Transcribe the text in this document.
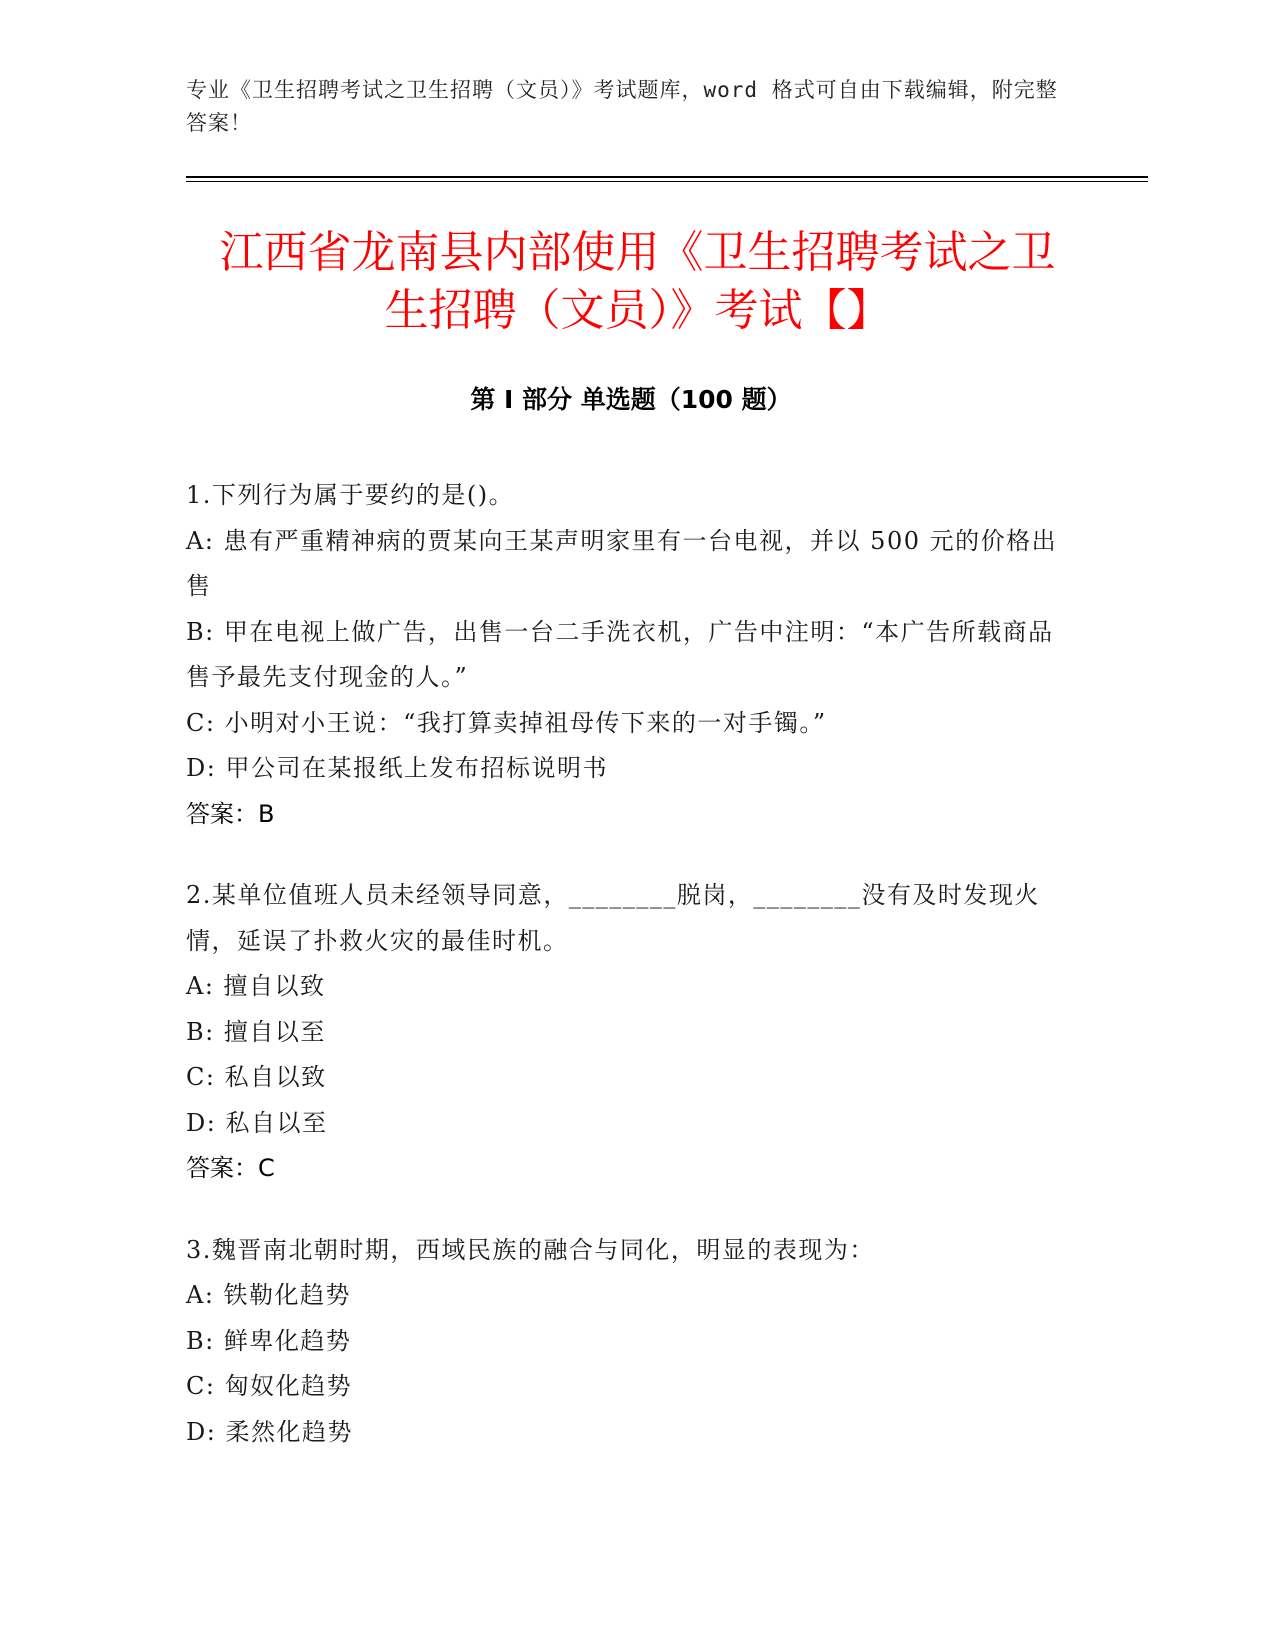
专业《卫生招聘考试之卫生招聘（文员）》考试题库，word 格式可自由下载编辑，附完整答案！

江西省龙南县内部使用《卫生招聘考试之卫
生招聘（文员）》考试【】
第 I 部分 单选题（100 题）

1.下列行为属于要约的是()。

A: 患有严重精神病的贾某向王某声明家里有一台电视，并以 500 元的价格出售

B: 甲在电视上做广告，出售一台二手洗衣机，广告中注明：“本广告所载商品售予最先支付现金的人。”

C: 小明对小王说：“我打算卖掉祖母传下来的一对手镯。”

D: 甲公司在某报纸上发布招标说明书

答案：B

2.某单位值班人员未经领导同意，________脱岗，________没有及时发现火情，延误了扑救火灾的最佳时机。

A: 擅自以致

B: 擅自以至

C: 私自以致

D: 私自以至

答案：C

3.魏晋南北朝时期，西域民族的融合与同化，明显的表现为：

A: 铁勒化趋势

B: 鲜卑化趋势

C: 匈奴化趋势

D: 柔然化趋势
